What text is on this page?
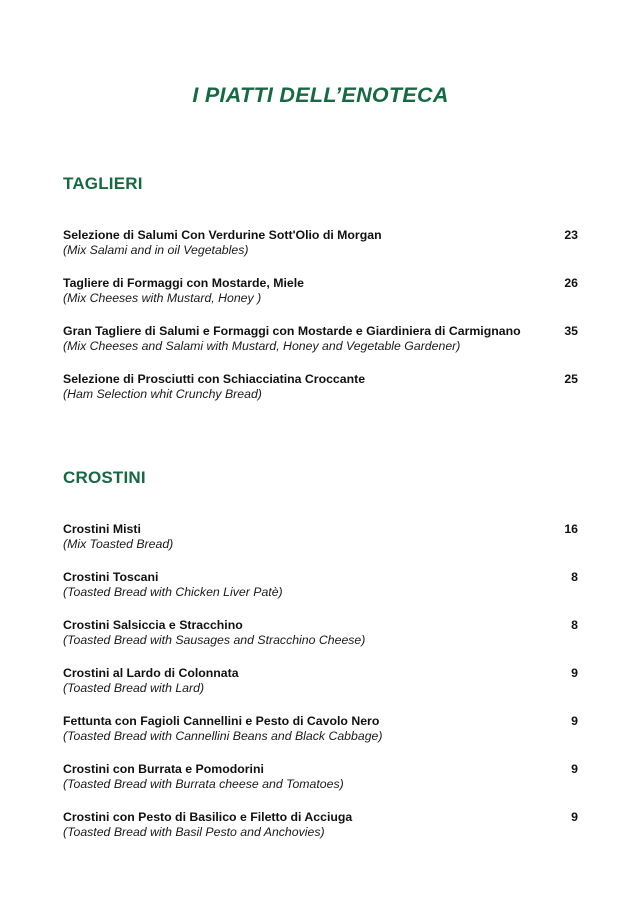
I PIATTI DELL’ENOTECA
TAGLIERI
Selezione di Salumi Con Verdurine Sott'Olio di Morgan	23
(Mix Salami and in oil Vegetables)
Tagliere di Formaggi con Mostarde, Miele	26
(Mix Cheeses with Mustard, Honey )
Gran Tagliere di Salumi e Formaggi con Mostarde e Giardiniera di Carmignano	35
(Mix Cheeses and Salami with Mustard, Honey and Vegetable Gardener)
Selezione di Prosciutti con Schiacciatina Croccante	25
(Ham Selection whit Crunchy Bread)
CROSTINI
Crostini Misti	16
(Mix Toasted Bread)
Crostini Toscani	8
(Toasted Bread with Chicken Liver Patè)
Crostini Salsiccia e Stracchino	8
(Toasted Bread with Sausages and Stracchino Cheese)
Crostini al Lardo di Colonnata	9
(Toasted Bread with Lard)
Fettunta con Fagioli Cannellini e Pesto di Cavolo Nero	9
(Toasted Bread with Cannellini Beans and Black Cabbage)
Crostini con Burrata e Pomodorini	9
(Toasted Bread with Burrata cheese and Tomatoes)
Crostini con Pesto di Basilico e Filetto di Acciuga	9
(Toasted Bread with Basil Pesto and Anchovies)
